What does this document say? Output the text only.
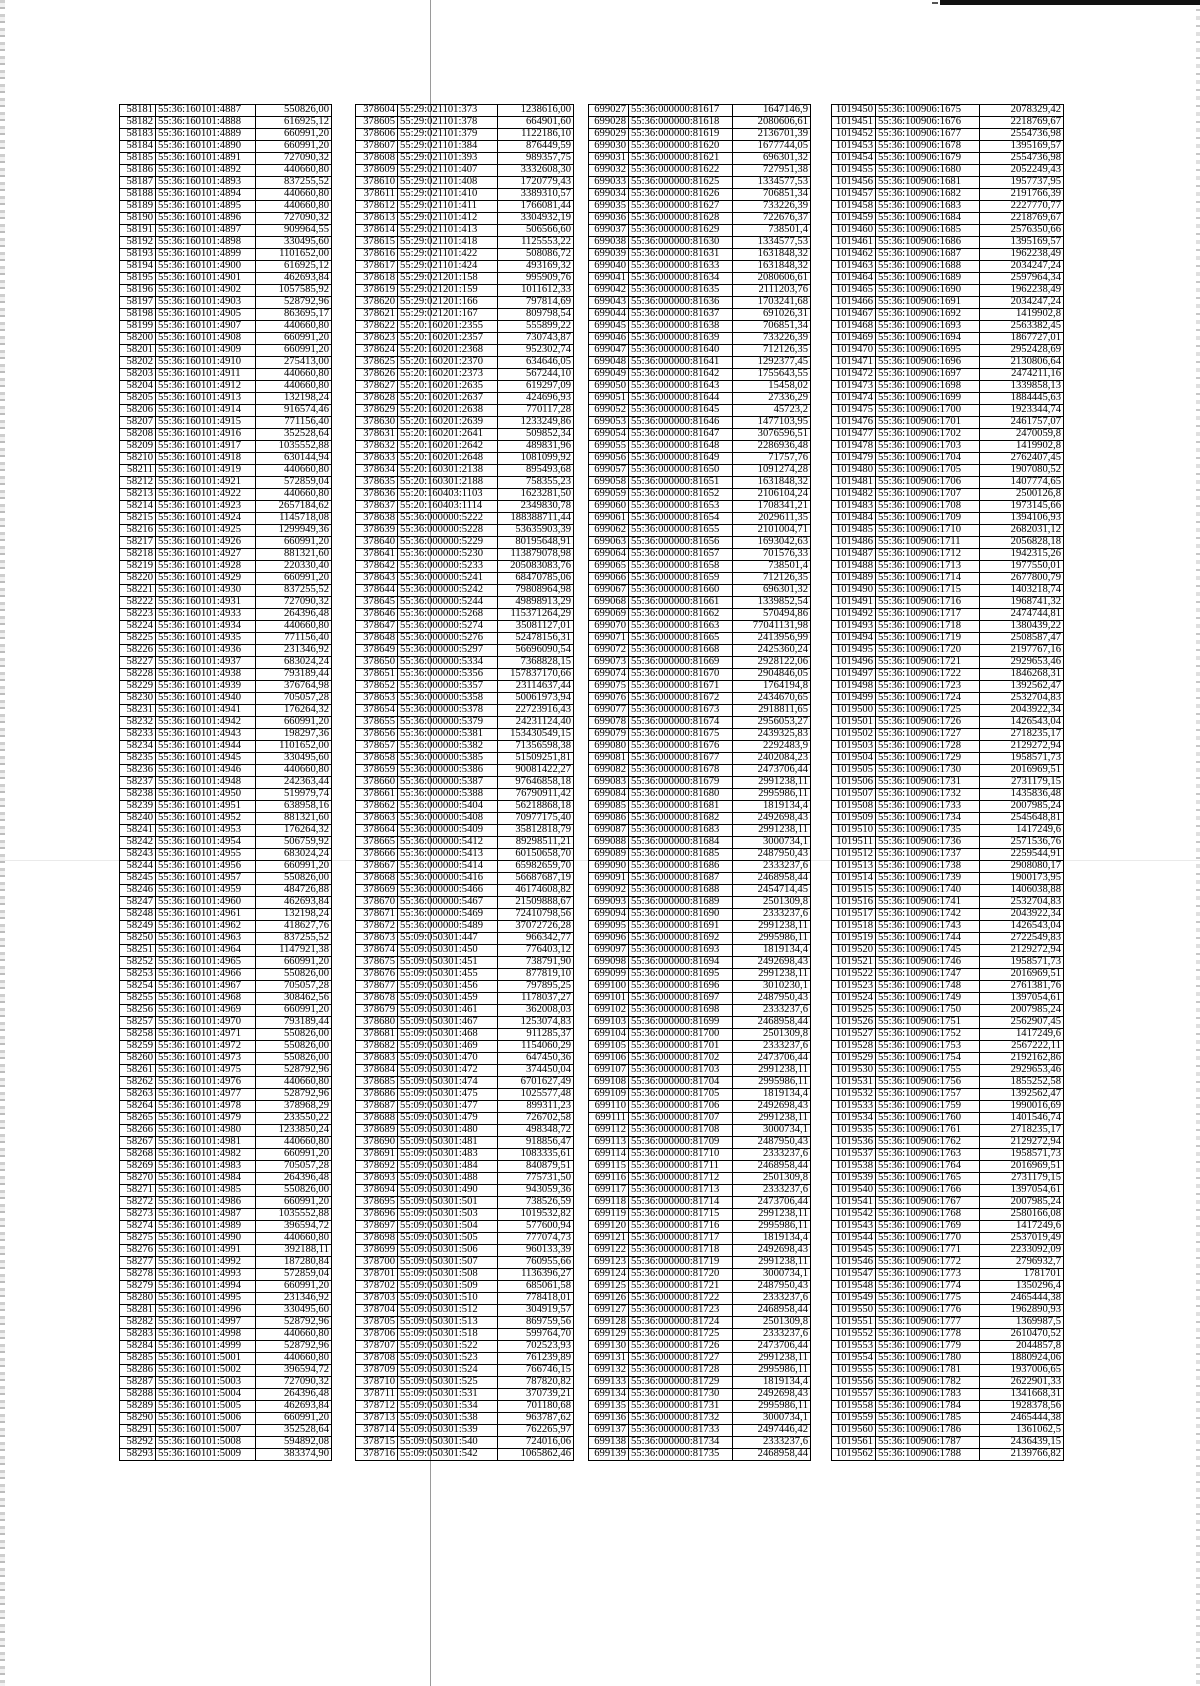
58181	55:36:160101:4887	550826,00
58182	55:36:160101:4888	616925,12
58183	55:36:160101:4889	660991,20
58184	55:36:160101:4890	660991,20
58185	55:36:160101:4891	727090,32
58186	55:36:160101:4892	440660,80
58187	55:36:160101:4893	837255,52
58188	55:36:160101:4894	440660,80
58189	55:36:160101:4895	440660,80
58190	55:36:160101:4896	727090,32
58191	55:36:160101:4897	909964,55
58192	55:36:160101:4898	330495,60
58193	55:36:160101:4899	1101652,00
58194	55:36:160101:4900	616925,12
58195	55:36:160101:4901	462693,84
58196	55:36:160101:4902	1057585,92
58197	55:36:160101:4903	528792,96
58198	55:36:160101:4905	863695,17
58199	55:36:160101:4907	440660,80
58200	55:36:160101:4908	660991,20
58201	55:36:160101:4909	660991,20
58202	55:36:160101:4910	275413,00
58203	55:36:160101:4911	440660,80
58204	55:36:160101:4912	440660,80
58205	55:36:160101:4913	132198,24
58206	55:36:160101:4914	916574,46
58207	55:36:160101:4915	771156,40
58208	55:36:160101:4916	352528,64
58209	55:36:160101:4917	1035552,88
58210	55:36:160101:4918	630144,94
58211	55:36:160101:4919	440660,80
58212	55:36:160101:4921	572859,04
58213	55:36:160101:4922	440660,80
58214	55:36:160101:4923	2657184,62
58215	55:36:160101:4924	1145718,08
58216	55:36:160101:4925	1299949,36
58217	55:36:160101:4926	660991,20
58218	55:36:160101:4927	881321,60
58219	55:36:160101:4928	220330,40
58220	55:36:160101:4929	660991,20
58221	55:36:160101:4930	837255,52
58222	55:36:160101:4931	727090,32
58223	55:36:160101:4933	264396,48
58224	55:36:160101:4934	440660,80
58225	55:36:160101:4935	771156,40
58226	55:36:160101:4936	231346,92
58227	55:36:160101:4937	683024,24
58228	55:36:160101:4938	793189,44
58229	55:36:160101:4939	376764,98
58230	55:36:160101:4940	705057,28
58231	55:36:160101:4941	176264,32
58232	55:36:160101:4942	660991,20
58233	55:36:160101:4943	198297,36
58234	55:36:160101:4944	1101652,00
58235	55:36:160101:4945	330495,60
58236	55:36:160101:4946	440660,80
58237	55:36:160101:4948	242363,44
58238	55:36:160101:4950	519979,74
58239	55:36:160101:4951	638958,16
58240	55:36:160101:4952	881321,60
58241	55:36:160101:4953	176264,32
58242	55:36:160101:4954	506759,92
58243	55:36:160101:4955	683024,24
58244	55:36:160101:4956	660991,20
58245	55:36:160101:4957	550826,00
58246	55:36:160101:4959	484726,88
58247	55:36:160101:4960	462693,84
58248	55:36:160101:4961	132198,24
58249	55:36:160101:4962	418627,76
58250	55:36:160101:4963	837255,52
58251	55:36:160101:4964	1147921,38
58252	55:36:160101:4965	660991,20
58253	55:36:160101:4966	550826,00
58254	55:36:160101:4967	705057,28
58255	55:36:160101:4968	308462,56
58256	55:36:160101:4969	660991,20
58257	55:36:160101:4970	793189,44
58258	55:36:160101:4971	550826,00
58259	55:36:160101:4972	550826,00
58260	55:36:160101:4973	550826,00
58261	55:36:160101:4975	528792,96
58262	55:36:160101:4976	440660,80
58263	55:36:160101:4977	528792,96
58264	55:36:160101:4978	378968,29
58265	55:36:160101:4979	233550,22
58266	55:36:160101:4980	1233850,24
58267	55:36:160101:4981	440660,80
58268	55:36:160101:4982	660991,20
58269	55:36:160101:4983	705057,28
58270	55:36:160101:4984	264396,48
58271	55:36:160101:4985	550826,00
58272	55:36:160101:4986	660991,20
58273	55:36:160101:4987	1035552,88
58274	55:36:160101:4989	396594,72
58275	55:36:160101:4990	440660,80
58276	55:36:160101:4991	392188,11
58277	55:36:160101:4992	187280,84
58278	55:36:160101:4993	572859,04
58279	55:36:160101:4994	660991,20
58280	55:36:160101:4995	231346,92
58281	55:36:160101:4996	330495,60
58282	55:36:160101:4997	528792,96
58283	55:36:160101:4998	440660,80
58284	55:36:160101:4999	528792,96
58285	55:36:160101:5001	440660,80
58286	55:36:160101:5002	396594,72
58287	55:36:160101:5003	727090,32
58288	55:36:160101:5004	264396,48
58289	55:36:160101:5005	462693,84
58290	55:36:160101:5006	660991,20
58291	55:36:160101:5007	352528,64
58292	55:36:160101:5008	594892,08
58293	55:36:160101:5009	383374,90
378604	55:29:021101:373	1238616,00
378605	55:29:021101:378	664901,60
378606	55:29:021101:379	1122186,10
378607	55:29:021101:384	876449,59
378608	55:29:021101:393	989357,75
378609	55:29:021101:407	3332608,30
378610	55:29:021101:408	1720779,43
378611	55:29:021101:410	3389310,57
378612	55:29:021101:411	1766081,44
378613	55:29:021101:412	3304932,19
378614	55:29:021101:413	506566,60
378615	55:29:021101:418	1125553,22
378616	55:29:021101:422	508086,72
378617	55:29:021101:424	493169,32
378618	55:29:021201:158	995909,76
378619	55:29:021201:159	1011612,33
378620	55:29:021201:166	797814,69
378621	55:29:021201:167	809798,54
378622	55:20:160201:2355	555899,22
378623	55:20:160201:2357	730743,87
378624	55:20:160201:2368	952302,74
378625	55:20:160201:2370	634646,05
378626	55:20:160201:2373	567244,10
378627	55:20:160201:2635	619297,09
378628	55:20:160201:2637	424696,93
378629	55:20:160201:2638	770117,28
378630	55:20:160201:2639	1233249,86
378631	55:20:160201:2641	509852,34
378632	55:20:160201:2642	489831,96
378633	55:20:160201:2648	1081099,92
378634	55:20:160301:2138	895493,68
378635	55:20:160301:2188	758355,23
378636	55:20:160403:1103	1623281,50
378637	55:20:160403:1114	2349830,78
378638	55:36:000000:5222	188388711,44
378639	55:36:000000:5228	53635903,39
378640	55:36:000000:5229	80195648,91
378641	55:36:000000:5230	113879078,98
378642	55:36:000000:5233	205083083,76
378643	55:36:000000:5241	68470785,06
378644	55:36:000000:5242	79808964,98
378645	55:36:000000:5244	49898913,29
378646	55:36:000000:5268	115371264,29
378647	55:36:000000:5274	35081127,01
378648	55:36:000000:5276	52478156,31
378649	55:36:000000:5297	56696090,54
378650	55:36:000000:5334	7368828,15
378651	55:36:000000:5356	157837170,66
378652	55:36:000000:5357	23114637,44
378653	55:36:000000:5358	50061973,94
378654	55:36:000000:5378	22723916,43
378655	55:36:000000:5379	24231124,40
378656	55:36:000000:5381	153430549,15
378657	55:36:000000:5382	71356598,38
378658	55:36:000000:5385	51509251,81
378659	55:36:000000:5386	90081422,27
378660	55:36:000000:5387	97646858,18
378661	55:36:000000:5388	76790911,42
378662	55:36:000000:5404	56218868,18
378663	55:36:000000:5408	70977175,40
378664	55:36:000000:5409	35812818,79
378665	55:36:000000:5412	89298511,21
378666	55:36:000000:5413	60150658,70
378667	55:36:000000:5414	65982659,70
378668	55:36:000000:5416	56687687,19
378669	55:36:000000:5466	46174608,82
378670	55:36:000000:5467	21509888,67
378671	55:36:000000:5469	72410798,56
378672	55:36:000000:5489	37072726,28
378673	55:09:050301:447	966342,77
378674	55:09:050301:450	776403,12
378675	55:09:050301:451	738791,90
378676	55:09:050301:455	877819,10
378677	55:09:050301:456	797895,25
378678	55:09:050301:459	1178037,27
378679	55:09:050301:461	362008,03
378680	55:09:050301:467	1253074,83
378681	55:09:050301:468	911285,37
378682	55:09:050301:469	1154060,29
378683	55:09:050301:470	647450,36
378684	55:09:050301:472	374450,04
378685	55:09:050301:474	6701627,49
378686	55:09:050301:475	1025577,48
378687	55:09:050301:477	899311,23
378688	55:09:050301:479	726702,58
378689	55:09:050301:480	498348,72
378690	55:09:050301:481	918856,47
378691	55:09:050301:483	1083335,61
378692	55:09:050301:484	840879,51
378693	55:09:050301:488	775731,50
378694	55:09:050301:490	943059,36
378695	55:09:050301:501	738526,59
378696	55:09:050301:503	1019532,82
378697	55:09:050301:504	577600,94
378698	55:09:050301:505	777074,73
378699	55:09:050301:506	960133,39
378700	55:09:050301:507	760955,66
378701	55:09:050301:508	1136396,27
378702	55:09:050301:509	685061,58
378703	55:09:050301:510	778418,01
378704	55:09:050301:512	304919,57
378705	55:09:050301:513	869759,56
378706	55:09:050301:518	599764,70
378707	55:09:050301:522	702523,93
378708	55:09:050301:523	761239,89
378709	55:09:050301:524	766746,15
378710	55:09:050301:525	787820,82
378711	55:09:050301:531	370739,21
378712	55:09:050301:534	701180,68
378713	55:09:050301:538	963787,62
378714	55:09:050301:539	762265,97
378715	55:09:050301:540	724016,06
378716	55:09:050301:542	1065862,46
699027	55:36:000000:81617	1647146,9
699028	55:36:000000:81618	2080606,61
699029	55:36:000000:81619	2136701,39
699030	55:36:000000:81620	1677744,05
699031	55:36:000000:81621	696301,32
699032	55:36:000000:81622	727951,38
699033	55:36:000000:81625	1334577,53
699034	55:36:000000:81626	706851,34
699035	55:36:000000:81627	733226,39
699036	55:36:000000:81628	722676,37
699037	55:36:000000:81629	738501,4
699038	55:36:000000:81630	1334577,53
699039	55:36:000000:81631	1631848,32
699040	55:36:000000:81633	1631848,32
699041	55:36:000000:81634	2080606,61
699042	55:36:000000:81635	2111203,76
699043	55:36:000000:81636	1703241,68
699044	55:36:000000:81637	691026,31
699045	55:36:000000:81638	706851,34
699046	55:36:000000:81639	733226,39
699047	55:36:000000:81640	712126,35
699048	55:36:000000:81641	1292377,45
699049	55:36:000000:81642	1755643,55
699050	55:36:000000:81643	15458,02
699051	55:36:000000:81644	27336,29
699052	55:36:000000:81645	45723,2
699053	55:36:000000:81646	1477103,95
699054	55:36:000000:81647	3076596,51
699055	55:36:000000:81648	2286936,48
699056	55:36:000000:81649	71757,76
699057	55:36:000000:81650	1091274,28
699058	55:36:000000:81651	1631848,32
699059	55:36:000000:81652	2106104,24
699060	55:36:000000:81653	1708341,21
699061	55:36:000000:81654	2029611,35
699062	55:36:000000:81655	2101004,71
699063	55:36:000000:81656	1693042,63
699064	55:36:000000:81657	701576,33
699065	55:36:000000:81658	738501,4
699066	55:36:000000:81659	712126,35
699067	55:36:000000:81660	696301,32
699068	55:36:000000:81661	1339852,54
699069	55:36:000000:81662	570494,86
699070	55:36:000000:81663	77041131,98
699071	55:36:000000:81665	2413956,99
699072	55:36:000000:81668	2425360,24
699073	55:36:000000:81669	2928122,06
699074	55:36:000000:81670	2904846,05
699075	55:36:000000:81671	1764194,8
699076	55:36:000000:81672	2434670,65
699077	55:36:000000:81673	2918811,65
699078	55:36:000000:81674	2956053,27
699079	55:36:000000:81675	2439325,83
699080	55:36:000000:81676	2292483,9
699081	55:36:000000:81677	2402084,23
699082	55:36:000000:81678	2473706,44
699083	55:36:000000:81679	2991238,11
699084	55:36:000000:81680	2995986,11
699085	55:36:000000:81681	1819134,4
699086	55:36:000000:81682	2492698,43
699087	55:36:000000:81683	2991238,11
699088	55:36:000000:81684	3000734,1
699089	55:36:000000:81685	2487950,43
699090	55:36:000000:81686	2333237,6
699091	55:36:000000:81687	2468958,44
699092	55:36:000000:81688	2454714,45
699093	55:36:000000:81689	2501309,8
699094	55:36:000000:81690	2333237,6
699095	55:36:000000:81691	2991238,11
699096	55:36:000000:81692	2995986,11
699097	55:36:000000:81693	1819134,4
699098	55:36:000000:81694	2492698,43
699099	55:36:000000:81695	2991238,11
699100	55:36:000000:81696	3010230,1
699101	55:36:000000:81697	2487950,43
699102	55:36:000000:81698	2333237,6
699103	55:36:000000:81699	2468958,44
699104	55:36:000000:81700	2501309,8
699105	55:36:000000:81701	2333237,6
699106	55:36:000000:81702	2473706,44
699107	55:36:000000:81703	2991238,11
699108	55:36:000000:81704	2995986,11
699109	55:36:000000:81705	1819134,4
699110	55:36:000000:81706	2492698,43
699111	55:36:000000:81707	2991238,11
699112	55:36:000000:81708	3000734,1
699113	55:36:000000:81709	2487950,43
699114	55:36:000000:81710	2333237,6
699115	55:36:000000:81711	2468958,44
699116	55:36:000000:81712	2501309,8
699117	55:36:000000:81713	2333237,6
699118	55:36:000000:81714	2473706,44
699119	55:36:000000:81715	2991238,11
699120	55:36:000000:81716	2995986,11
699121	55:36:000000:81717	1819134,4
699122	55:36:000000:81718	2492698,43
699123	55:36:000000:81719	2991238,11
699124	55:36:000000:81720	3000734,1
699125	55:36:000000:81721	2487950,43
699126	55:36:000000:81722	2333237,6
699127	55:36:000000:81723	2468958,44
699128	55:36:000000:81724	2501309,8
699129	55:36:000000:81725	2333237,6
699130	55:36:000000:81726	2473706,44
699131	55:36:000000:81727	2991238,11
699132	55:36:000000:81728	2995986,11
699133	55:36:000000:81729	1819134,4
699134	55:36:000000:81730	2492698,43
699135	55:36:000000:81731	2995986,11
699136	55:36:000000:81732	3000734,1
699137	55:36:000000:81733	2497446,42
699138	55:36:000000:81734	2333237,6
699139	55:36:000000:81735	2468958,44
1019450	55:36:100906:1675	2078329,42
1019451	55:36:100906:1676	2218769,67
1019452	55:36:100906:1677	2554736,98
1019453	55:36:100906:1678	1395169,57
1019454	55:36:100906:1679	2554736,98
1019455	55:36:100906:1680	2052249,43
1019456	55:36:100906:1681	1957737,95
1019457	55:36:100906:1682	2191766,39
1019458	55:36:100906:1683	2227770,77
1019459	55:36:100906:1684	2218769,67
1019460	55:36:100906:1685	2576350,66
1019461	55:36:100906:1686	1395169,57
1019462	55:36:100906:1687	1962238,49
1019463	55:36:100906:1688	2034247,24
1019464	55:36:100906:1689	2597964,34
1019465	55:36:100906:1690	1962238,49
1019466	55:36:100906:1691	2034247,24
1019467	55:36:100906:1692	1419902,8
1019468	55:36:100906:1693	2563382,45
1019469	55:36:100906:1694	1867727,01
1019470	55:36:100906:1695	2952428,69
1019471	55:36:100906:1696	2130806,64
1019472	55:36:100906:1697	2474211,16
1019473	55:36:100906:1698	1339858,13
1019474	55:36:100906:1699	1884445,63
1019475	55:36:100906:1700	1923344,74
1019476	55:36:100906:1701	2461757,07
1019477	55:36:100906:1702	2470059,8
1019478	55:36:100906:1703	1419902,8
1019479	55:36:100906:1704	2762407,45
1019480	55:36:100906:1705	1907080,52
1019481	55:36:100906:1706	1407774,65
1019482	55:36:100906:1707	2500126,8
1019483	55:36:100906:1708	1973145,66
1019484	55:36:100906:1709	1394106,93
1019485	55:36:100906:1710	2682031,12
1019486	55:36:100906:1711	2056828,18
1019487	55:36:100906:1712	1942315,26
1019488	55:36:100906:1713	1977550,01
1019489	55:36:100906:1714	2677800,79
1019490	55:36:100906:1715	1403218,74
1019491	55:36:100906:1716	1968741,32
1019492	55:36:100906:1717	2474744,81
1019493	55:36:100906:1718	1380439,22
1019494	55:36:100906:1719	2508587,47
1019495	55:36:100906:1720	2197767,16
1019496	55:36:100906:1721	2929653,46
1019497	55:36:100906:1722	1846268,31
1019498	55:36:100906:1723	1392562,47
1019499	55:36:100906:1724	2532704,83
1019500	55:36:100906:1725	2043922,34
1019501	55:36:100906:1726	1426543,04
1019502	55:36:100906:1727	2718235,17
1019503	55:36:100906:1728	2129272,94
1019504	55:36:100906:1729	1958571,73
1019505	55:36:100906:1730	2016969,51
1019506	55:36:100906:1731	2731179,15
1019507	55:36:100906:1732	1435836,48
1019508	55:36:100906:1733	2007985,24
1019509	55:36:100906:1734	2545648,81
1019510	55:36:100906:1735	1417249,6
1019511	55:36:100906:1736	2571536,76
1019512	55:36:100906:1737	2259544,91
1019513	55:36:100906:1738	2908080,17
1019514	55:36:100906:1739	1900173,95
1019515	55:36:100906:1740	1406038,88
1019516	55:36:100906:1741	2532704,83
1019517	55:36:100906:1742	2043922,34
1019518	55:36:100906:1743	1426543,04
1019519	55:36:100906:1744	2722549,83
1019520	55:36:100906:1745	2129272,94
1019521	55:36:100906:1746	1958571,73
1019522	55:36:100906:1747	2016969,51
1019523	55:36:100906:1748	2761381,76
1019524	55:36:100906:1749	1397054,61
1019525	55:36:100906:1750	2007985,24
1019526	55:36:100906:1751	2562907,45
1019527	55:36:100906:1752	1417249,6
1019528	55:36:100906:1753	2567222,11
1019529	55:36:100906:1754	2192162,86
1019530	55:36:100906:1755	2929653,46
1019531	55:36:100906:1756	1855252,58
1019532	55:36:100906:1757	1392562,47
1019533	55:36:100906:1759	1990016,69
1019534	55:36:100906:1760	1401546,74
1019535	55:36:100906:1761	2718235,17
1019536	55:36:100906:1762	2129272,94
1019537	55:36:100906:1763	1958571,73
1019538	55:36:100906:1764	2016969,51
1019539	55:36:100906:1765	2731179,15
1019540	55:36:100906:1766	1397054,61
1019541	55:36:100906:1767	2007985,24
1019542	55:36:100906:1768	2580166,08
1019543	55:36:100906:1769	1417249,6
1019544	55:36:100906:1770	2537019,49
1019545	55:36:100906:1771	2233092,09
1019546	55:36:100906:1772	2796932,7
1019547	55:36:100906:1773	1781701
1019548	55:36:100906:1774	1350296,4
1019549	55:36:100906:1775	2465444,38
1019550	55:36:100906:1776	1962890,93
1019551	55:36:100906:1777	1369987,5
1019552	55:36:100906:1778	2610470,52
1019553	55:36:100906:1779	2044857,8
1019554	55:36:100906:1780	1880924,06
1019555	55:36:100906:1781	1937006,65
1019556	55:36:100906:1782	2622901,33
1019557	55:36:100906:1783	1341668,31
1019558	55:36:100906:1784	1928378,56
1019559	55:36:100906:1785	2465444,38
1019560	55:36:100906:1786	1361062,5
1019561	55:36:100906:1787	2436439,15
1019562	55:36:100906:1788	2139766,82
